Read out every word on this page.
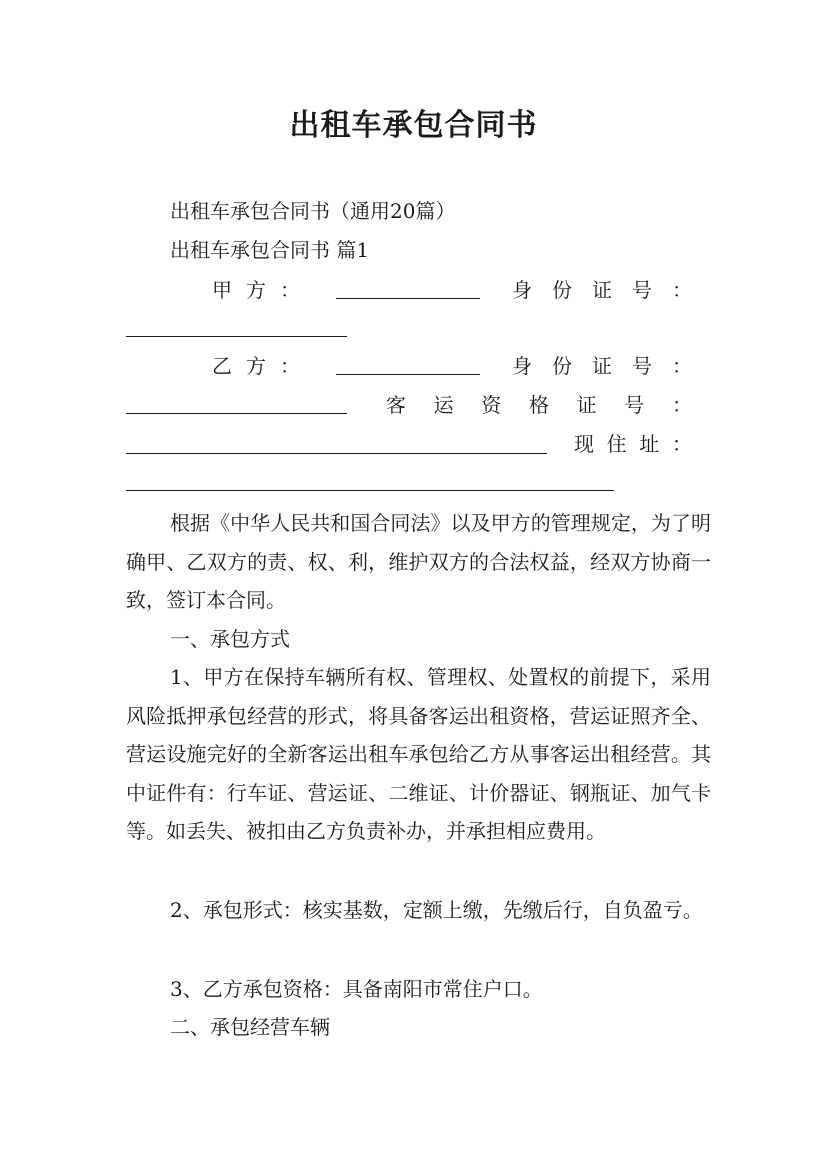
出租车承包合同书
出租车承包合同书（通用20篇）
出租车承包合同书 篇1
甲 方 ：	身 份 证 号 ：
乙 方 ：	身 份 证 号 ：
客 运 资 格 证 号 ：
现 住 址 ：
根据《中华人民共和国合同法》以及甲方的管理规定，为了明确甲、乙双方的责、权、利，维护双方的合法权益，经双方协商一致，签订本合同。
一、承包方式
1、甲方在保持车辆所有权、管理权、处置权的前提下，采用风险抵押承包经营的形式，将具备客运出租资格，营运证照齐全、营运设施完好的全新客运出租车承包给乙方从事客运出租经营。其中证件有：行车证、营运证、二维证、计价器证、钢瓶证、加气卡等。如丢失、被扣由乙方负责补办，并承担相应费用。
2、承包形式：核实基数，定额上缴，先缴后行，自负盈亏。
3、乙方承包资格：具备南阳市常住户口。
二、承包经营车辆
